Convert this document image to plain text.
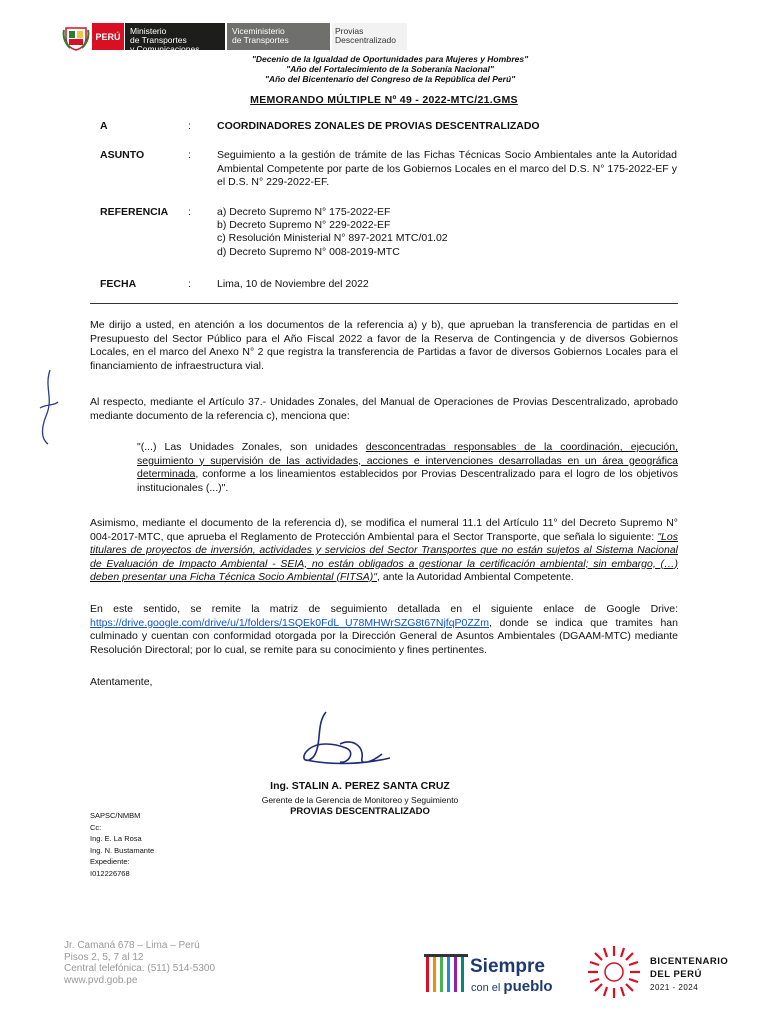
PERÚ
Ministerio
de Transportes
y Comunicaciones
Viceministerio
de Transportes
Provias
Descentralizado
"Decenio de la Igualdad de Oportunidades para Mujeres y Hombres"
"Año del Fortalecimiento de la Soberanía Nacional"
"Año del Bicentenario del Congreso de la República del Perú"
MEMORANDO MÚLTIPLE Nº 49 - 2022-MTC/21.GMS
A	: COORDINADORES ZONALES DE PROVIAS DESCENTRALIZADO
ASUNTO	: Seguimiento a la gestión de trámite de las Fichas Técnicas Socio Ambientales ante la Autoridad Ambiental Competente por parte de los Gobiernos Locales en el marco del D.S. N° 175-2022-EF y el D.S. N° 229-2022-EF.
REFERENCIA : a) Decreto Supremo N° 175-2022-EF
b) Decreto Supremo N° 229-2022-EF
c) Resolución Ministerial N° 897-2021 MTC/01.02
d) Decreto Supremo N° 008-2019-MTC
FECHA	: Lima, 10 de Noviembre del 2022
Me dirijo a usted, en atención a los documentos de la referencia a) y b), que aprueban la transferencia de partidas en el Presupuesto del Sector Público para el Año Fiscal 2022 a favor de la Reserva de Contingencia y de diversos Gobiernos Locales, en el marco del Anexo N° 2 que registra la transferencia de Partidas a favor de diversos Gobiernos Locales para el financiamiento de infraestructura vial.
Al respecto, mediante el Artículo 37.- Unidades Zonales, del Manual de Operaciones de Provias Descentralizado, aprobado mediante documento de la referencia c), menciona que:
"(...) Las Unidades Zonales, son unidades desconcentradas responsables de la coordinación, ejecución, seguimiento y supervisión de las actividades, acciones e intervenciones desarrolladas en un área geográfica determinada, conforme a los lineamientos establecidos por Provias Descentralizado para el logro de los objetivos institucionales (...)".
Asimismo, mediante el documento de la referencia d), se modifica el numeral 11.1 del Artículo 11° del Decreto Supremo N° 004-2017-MTC, que aprueba el Reglamento de Protección Ambiental para el Sector Transporte, que señala lo siguiente: "Los titulares de proyectos de inversión, actividades y servicios del Sector Transportes que no están sujetos al Sistema Nacional de Evaluación de Impacto Ambiental - SEIA, no están obligados a gestionar la certificación ambiental; sin embargo, (…) deben presentar una Ficha Técnica Socio Ambiental (FITSA)", ante la Autoridad Ambiental Competente.
En este sentido, se remite la matriz de seguimiento detallada en el siguiente enlace de Google Drive: https://drive.google.com/drive/u/1/folders/1SQEk0FdL_U78MHWrSZG8t67NjfqP0ZZm, donde se indica que tramites han culminado y cuentan con conformidad otorgada por la Dirección General de Asuntos Ambientales (DGAAM-MTC) mediante Resolución Directoral; por lo cual, se remite para su conocimiento y fines pertinentes.
Atentamente,
Ing. STALIN A. PEREZ SANTA CRUZ
Gerente de la Gerencia de Monitoreo y Seguimiento
PROVIAS DESCENTRALIZADO
SAPSC/NMBM
Cc:
Ing. E. La Rosa
Ing. N. Bustamante
Expediente:
I012226768
Jr. Camaná 678 – Lima – Perú
Pisos 2, 5, 7 al 12
Central telefónica. (511) 514-5300
www.pvd.gob.pe
Siempre
con el pueblo
BICENTENARIO
DEL PERÚ
2021 - 2024
